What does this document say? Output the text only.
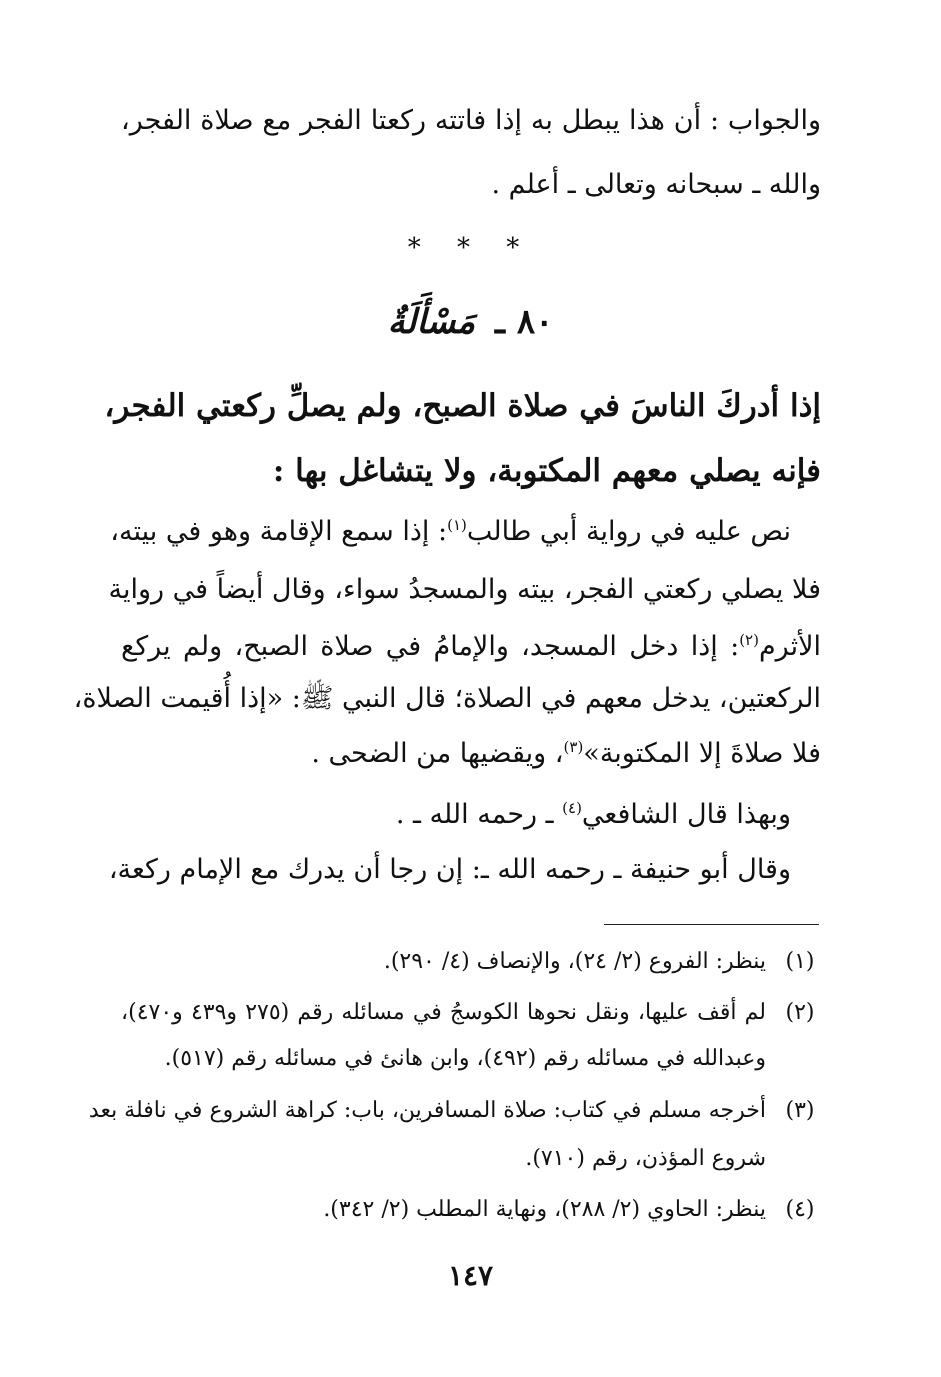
والجواب : أن هذا يبطل به إذا فاتته ركعتا الفجر مع صلاة الفجر،
والله ـ سبحانه وتعالى ـ أعلم .
* * *
٨٠ ـ مَسْأَلَةٌ
إذا أدركَ الناسَ في صلاة الصبح، ولم يصلِّ ركعتي الفجر،
فإنه يصلي معهم المكتوبة، ولا يتشاغل بها :
نص عليه في رواية أبي طالب$^{(١)}$: إذا سمع الإقامة وهو في بيته،
فلا يصلي ركعتي الفجر، بيته والمسجدُ سواء، وقال أيضاً في رواية
الأثرم$^{(٢)}$: إذا دخل المسجد، والإمامُ في صلاة الصبح، ولم يركع
الركعتين، يدخل معهم في الصلاة؛ قال النبي ﷺ: «إذا أُقيمت الصلاة،
فلا صلاةَ إلا المكتوبة»$^{(٣)}$، ويقضيها من الضحى .
وبهذا قال الشافعي$^{(٤)}$ ـ رحمه الله ـ .
وقال أبو حنيفة ـ رحمه الله ـ: إن رجا أن يدرك مع الإمام ركعة،
(١)
ينظر: الفروع (٢/ ٢٤)، والإنصاف (٤/ ٢٩٠).
(٢)
لم أقف عليها، ونقل نحوها الكوسجُ في مسائله رقم (٢٧٥ و٤٣٩ و٤٧٠)،
وعبدالله في مسائله رقم (٤٩٢)، وابن هانئ في مسائله رقم (٥١٧).
(٣)
أخرجه مسلم في كتاب: صلاة المسافرين، باب: كراهة الشروع في نافلة بعد
شروع المؤذن، رقم (٧١٠).
(٤)
ينظر: الحاوي (٢/ ٢٨٨)، ونهاية المطلب (٢/ ٣٤٢).
١٤٧
